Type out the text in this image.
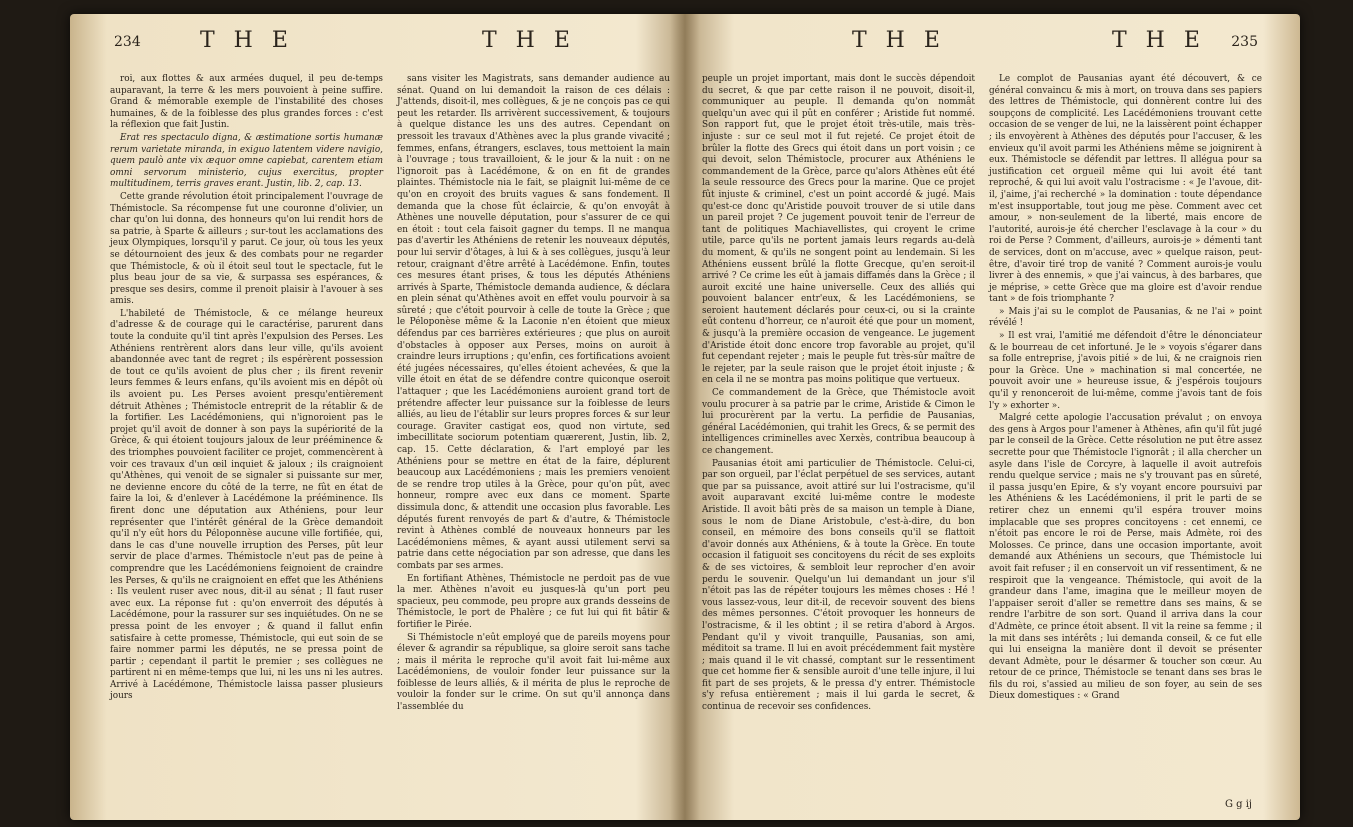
234	T H E	T H E

roi, aux flottes & aux armées duquel, il peu de-temps auparavant, la terre & les mers pouvoient à peine suffire. Grand & mémorable exemple de l'instabilité des choses humaines, & de la foiblesse des plus grandes forces : c'est la réflexion que fait Justin.

Erat res spectaculo digna, & æstimatione sortis humanæ rerum varietate miranda, in exiguo latentem videre navigio, quem paulò ante vix æquor omne capiebat, carentem etiam omni servorum ministerio, cujus exercitus, propter multitudinem, terris graves erant. Justin, lib. 2, cap. 13.

Cette grande révolution étoit principalement l'ouvrage de Thémistocle. Sa récompense fut une couronne d'olivier, un char qu'on lui donna, des honneurs qu'on lui rendit hors de sa patrie, à Sparte & ailleurs ; sur-tout les acclamations des jeux Olympiques, lorsqu'il y parut. Ce jour, où tous les yeux se détournoient des jeux & des combats pour ne regarder que Thémistocle, & où il étoit seul tout le spectacle, fut le plus beau jour de sa vie, & surpassa ses espérances, & presque ses desirs, comme il prenoit plaisir à l'avouer à ses amis.

L'habileté de Thémistocle, & ce mélange heureux d'adresse & de courage qui le caractérise, parurent dans toute la conduite qu'il tint après l'expulsion des Perses. Les Athéniens rentrèrent alors dans leur ville, qu'ils avoient abandonnée avec tant de regret ; ils espérèrent possession de tout ce qu'ils avoient de plus cher ; ils firent revenir leurs femmes & leurs enfans, qu'ils avoient mis en dépôt où ils avoient pu. Les Perses avoient presqu'entièrement détruit Athènes ; Thémistocle entreprit de la rétablir & de la fortifier. Les Lacédémoniens, qui n'ignoroient pas le projet qu'il avoit de donner à son pays la supériorité de la Grèce, & qui étoient toujours jaloux de leur prééminence & des triomphes pouvoient faciliter ce projet, commencèrent à voir ces travaux d'un œil inquiet & jaloux ; ils craignoient qu'Athènes, qui venoit de se signaler si puissante sur mer, ne devienne encore du côté de la terre, ne fût en état de faire la loi, & d'enlever à Lacédémone la prééminence. Ils firent donc une députation aux Athéniens, pour leur représenter que l'intérêt général de la Grèce demandoit qu'il n'y eût hors du Péloponnèse aucune ville fortifiée, qui, dans le cas d'une nouvelle irruption des Perses, pût leur servir de place d'armes. Thémistocle n'eut pas de peine à comprendre que les Lacédémoniens feignoient de craindre les Perses, & qu'ils ne craignoient en effet que les Athéniens : Ils veulent ruser avec nous, dit-il au sénat ; Il faut ruser avec eux. La réponse fut : qu'on enverroit des députés à Lacédémone, pour la rassurer sur ses inquiétudes. On ne se pressa point de les envoyer ; & quand il fallut enfin satisfaire à cette promesse, Thémistocle, qui eut soin de se faire nommer parmi les députés, ne se pressa point de partir ; cependant il partit le premier ; ses collègues ne partirent ni en même-temps que lui, ni les uns ni les autres. Arrivé à Lacédémone, Thémistocle laissa passer plusieurs jours

sans visiter les Magistrats, sans demander audience au sénat. Quand on lui demandoit la raison de ces délais : J'attends, disoit-il, mes collègues, & je ne conçois pas ce qui peut les retarder. Ils arrivèrent successivement, & toujours à quelque distance les uns des autres. Cependant on pressoit les travaux d'Athènes avec la plus grande vivacité ; femmes, enfans, étrangers, esclaves, tous mettoient la main à l'ouvrage ; tous travailloient, & le jour & la nuit : on ne l'ignoroit pas à Lacédémone, & on en fit de grandes plaintes. Thémistocle nia le fait, se plaignit lui-même de ce qu'on en croyoit des bruits vagues & sans fondement. Il demanda que la chose fût éclaircie, & qu'on envoyât à Athènes une nouvelle députation, pour s'assurer de ce qui en étoit : tout cela faisoit gagner du temps. Il ne manqua pas d'avertir les Athéniens de retenir les nouveaux députés, pour lui servir d'ôtages, à lui & à ses collègues, jusqu'à leur retour, craignant d'être arrêté à Lacédémone. Enfin, toutes ces mesures étant prises, & tous les députés Athéniens arrivés à Sparte, Thémistocle demanda audience, & déclara en plein sénat qu'Athènes avoit en effet voulu pourvoir à sa sûreté ; que c'étoit pourvoir à celle de toute la Grèce ; que le Péloponèse même & la Laconie n'en étoient que mieux défendus par ces barrières extérieures ; que plus on auroit d'obstacles à opposer aux Perses, moins on auroit à craindre leurs irruptions ; qu'enfin, ces fortifications avoient été jugées nécessaires, qu'elles étoient achevées, & que la ville étoit en état de se défendre contre quiconque oseroit l'attaquer ; que les Lacédémoniens auroient grand tort de prétendre affecter leur puissance sur la foiblesse de leurs alliés, au lieu de l'établir sur leurs propres forces & sur leur courage. Graviter castigat eos, quod non virtute, sed imbecillitate sociorum potentiam quærerent, Justin, lib. 2, cap. 15. Cette déclaration, & l'art employé par les Athéniens pour se mettre en état de la faire, déplurent beaucoup aux Lacédémoniens ; mais les premiers venoient de se rendre trop utiles à la Grèce, pour qu'on pût, avec honneur, rompre avec eux dans ce moment. Sparte dissimula donc, & attendit une occasion plus favorable. Les députés furent renvoyés de part & d'autre, & Thémistocle revint à Athènes comblé de nouveaux honneurs par les Lacédémoniens mêmes, & ayant aussi utilement servi sa patrie dans cette négociation par son adresse, que dans les combats par ses armes.

En fortifiant Athènes, Thémistocle ne perdoit pas de vue la mer. Athènes n'avoit eu jusques-là qu'un port peu spacieux, peu commode, peu propre aux grands desseins de Thémistocle, le port de Phalère ; ce fut lui qui fit bâtir & fortifier le Pirée.

Si Thémistocle n'eût employé que de pareils moyens pour élever & agrandir sa république, sa gloire seroit sans tache ; mais il mérita le reproche qu'il avoit fait lui-même aux Lacédémoniens, de vouloir fonder leur puissance sur la foiblesse de leurs alliés, & il mérita de plus le reproche de vouloir la fonder sur le crime. On sut qu'il annonça dans l'assemblée du

T H E	T H E 235

peuple un projet important, mais dont le succès dépendoit du secret, & que par cette raison il ne pouvoit, disoit-il, communiquer au peuple. Il demanda qu'on nommât quelqu'un avec qui il pût en conférer ; Aristide fut nommé. Son rapport fut, que le projet étoit très-utile, mais très-injuste : sur ce seul mot il fut rejeté. Ce projet étoit de brûler la flotte des Grecs qui étoit dans un port voisin ; ce qui devoit, selon Thémistocle, procurer aux Athéniens le commandement de la Grèce, parce qu'alors Athènes eût été la seule ressource des Grecs pour la marine. Que ce projet fût injuste & criminel, c'est un point accordé & jugé. Mais qu'est-ce donc qu'Aristide pouvoit trouver de si utile dans un pareil projet ? Ce jugement pouvoit tenir de l'erreur de tant de politiques Machiavellistes, qui croyent le crime utile, parce qu'ils ne portent jamais leurs regards au-delà du moment, & qu'ils ne songent point au lendemain. Si les Athéniens eussent brûlé la flotte Grecque, qu'en seroit-il arrivé ? Ce crime les eût à jamais diffamés dans la Grèce ; il auroit excité une haine universelle. Ceux des alliés qui pouvoient balancer entr'eux, & les Lacédémoniens, se seroient hautement déclarés pour ceux-ci, ou si la crainte eût contenu d'horreur, ce n'auroit été que pour un moment, & jusqu'à la première occasion de vengeance. Le jugement d'Aristide étoit donc encore trop favorable au projet, qu'il fut cependant rejeter ; mais le peuple fut très-sûr maître de le rejeter, par la seule raison que le projet étoit injuste ; & en cela il ne se montra pas moins politique que vertueux.

Ce commandement de la Grèce, que Thémistocle avoit voulu procurer à sa patrie par le crime, Aristide & Cimon le lui procurèrent par la vertu. La perfidie de Pausanias, général Lacédémonien, qui trahit les Grecs, & se permit des intelligences criminelles avec Xerxès, contribua beaucoup à ce changement.

Pausanias étoit ami particulier de Thémistocle. Celui-ci, par son orgueil, par l'éclat perpétuel de ses services, autant que par sa puissance, avoit attiré sur lui l'ostracisme, qu'il avoit auparavant excité lui-même contre le modeste Aristide. Il avoit bâti près de sa maison un temple à Diane, sous le nom de Diane Aristobule, c'est-à-dire, du bon conseil, en mémoire des bons conseils qu'il se flattoit d'avoir donnés aux Athéniens, & à toute la Grèce. En toute occasion il fatiguoit ses concitoyens du récit de ses exploits & de ses victoires, & sembloit leur reprocher d'en avoir perdu le souvenir. Quelqu'un lui demandant un jour s'il n'étoit pas las de répéter toujours les mêmes choses : Hé ! vous lassez-vous, leur dit-il, de recevoir souvent des biens des mêmes personnes. C'étoit provoquer les honneurs de l'ostracisme, & il les obtint ; il se retira d'abord à Argos. Pendant qu'il y vivoit tranquille, Pausanias, son ami, méditoit sa trame. Il lui en avoit précédemment fait mystère ; mais quand il le vit chassé, comptant sur le ressentiment que cet homme fier & sensible auroit d'une telle injure, il lui fit part de ses projets, & le pressa d'y entrer. Thémistocle s'y refusa entièrement ; mais il lui garda le secret, & continua de recevoir ses confidences.

Le complot de Pausanias ayant été découvert, & ce général convaincu & mis à mort, on trouva dans ses papiers des lettres de Thémistocle, qui donnèrent contre lui des soupçons de complicité. Les Lacédémoniens trouvant cette occasion de se venger de lui, ne la laissèrent point échapper ; ils envoyèrent à Athènes des députés pour l'accuser, & les envieux qu'il avoit parmi les Athéniens même se joignirent à eux. Thémistocle se défendit par lettres. Il allégua pour sa justification cet orgueil même qui lui avoit été tant reproché, & qui lui avoit valu l'ostracisme : « Je l'avoue, dit-il, j'aime, j'ai recherché » la domination : toute dépendance m'est insupportable, tout joug me pèse. Comment avec cet amour, » non-seulement de la liberté, mais encore de l'autorité, aurois-je été chercher l'esclavage à la cour » du roi de Perse ? Comment, d'ailleurs, aurois-je » démenti tant de services, dont on m'accuse, avec » quelque raison, peut-être, d'avoir tiré trop de vanité ? Comment aurois-je voulu livrer à des ennemis, » que j'ai vaincus, à des barbares, que je méprise, » cette Grèce que ma gloire est d'avoir rendue tant » de fois triomphante ?

» Mais j'ai su le complot de Pausanias, & ne l'ai » point révélé !

» Il est vrai, l'amitié me défendoit d'être le dénonciateur & le bourreau de cet infortuné. Je le » voyois s'égarer dans sa folle entreprise, j'avois pitié » de lui, & ne craignois rien pour la Grèce. Une » machination si mal concertée, ne pouvoit avoir une » heureuse issue, & j'espérois toujours qu'il y renonceroit de lui-même, comme j'avois tant de fois l'y » exhorter ».

Malgré cette apologie l'accusation prévalut ; on envoya des gens à Argos pour l'amener à Athènes, afin qu'il fût jugé par le conseil de la Grèce. Cette résolution ne put être assez secrette pour que Thémistocle l'ignorât ; il alla chercher un asyle dans l'isle de Corcyre, à laquelle il avoit autrefois rendu quelque service ; mais ne s'y trouvant pas en sûreté, il passa jusqu'en Epire, & s'y voyant encore poursuivi par les Athéniens & les Lacédémoniens, il prit le parti de se retirer chez un ennemi qu'il espéra trouver moins implacable que ses propres concitoyens : cet ennemi, ce n'étoit pas encore le roi de Perse, mais Admète, roi des Molosses. Ce prince, dans une occasion importante, avoit demandé aux Athéniens un secours, que Thémistocle lui avoit fait refuser ; il en conservoit un vif ressentiment, & ne respiroit que la vengeance. Thémistocle, qui avoit de la grandeur dans l'ame, imagina que le meilleur moyen de l'appaiser seroit d'aller se remettre dans ses mains, & se rendre l'arbitre de son sort. Quand il arriva dans la cour d'Admète, ce prince étoit absent. Il vit la reine sa femme ; il la mit dans ses intérêts ; lui demanda conseil, & ce fut elle qui lui enseigna la manière dont il devoit se présenter devant Admète, pour le désarmer & toucher son cœur. Au retour de ce prince, Thémistocle se tenant dans ses bras le fils du roi, s'assied au milieu de son foyer, au sein de ses Dieux domestiques : « Grand

G g ij
